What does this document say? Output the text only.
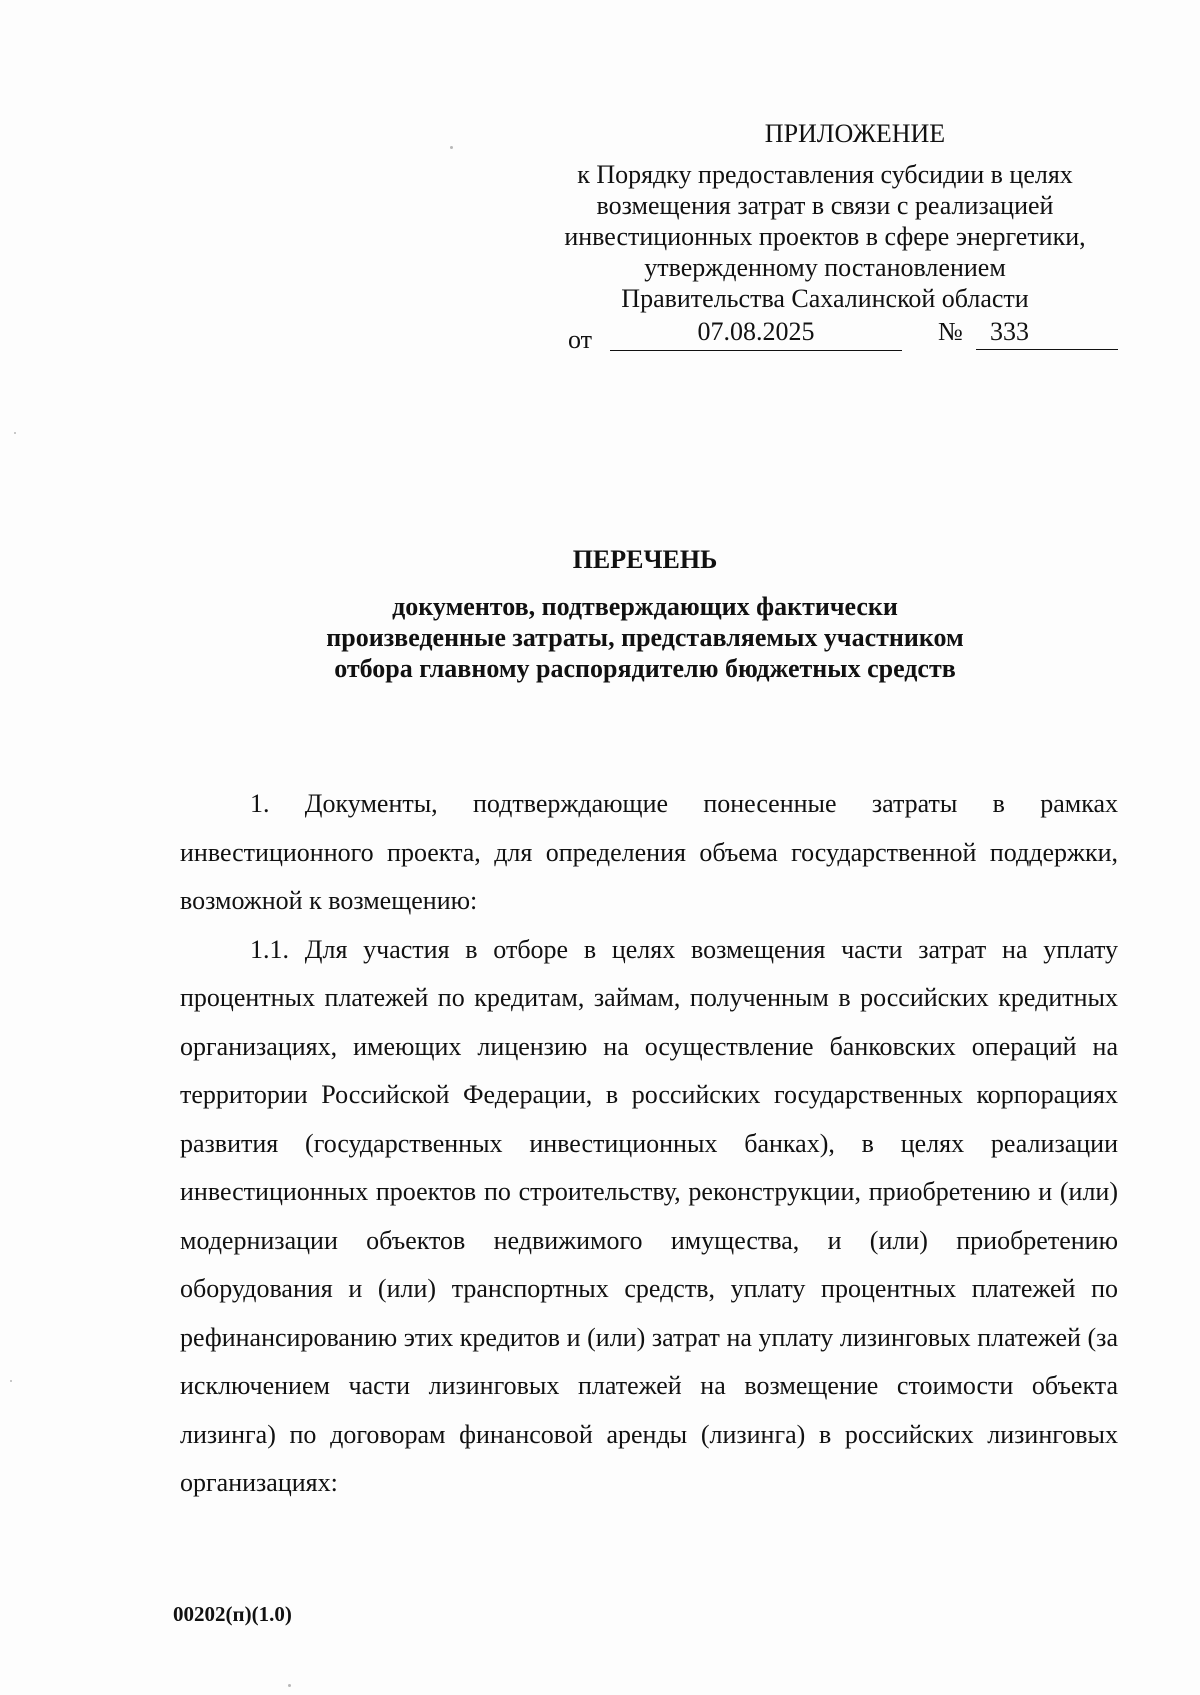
ПРИЛОЖЕНИЕ
к Порядку предоставления субсидии в целях
возмещения затрат в связи с реализацией
инвестиционных проектов в сфере энергетики,
утвержденному постановлением
Правительства Сахалинской области
от	07.08.2025	№	333
ПЕРЕЧЕНЬ
документов, подтверждающих фактически
произведенные затраты, представляемых участником
отбора главному распорядителю бюджетных средств

1. Документы, подтверждающие понесенные затраты в рамках инвестиционного проекта, для определения объема государственной поддержки, возможной к возмещению:

1.1. Для участия в отборе в целях возмещения части затрат на уплату процентных платежей по кредитам, займам, полученным в российских кредитных организациях, имеющих лицензию на осуществление банковских операций на территории Российской Федерации, в российских государственных корпорациях развития (государственных инвестиционных банках), в целях реализации инвестиционных проектов по строительству, реконструкции, приобретению и (или) модернизации объектов недвижимого имущества, и (или) приобретению оборудования и (или) транспортных средств, уплату процентных платежей по рефинансированию этих кредитов и (или) затрат на уплату лизинговых платежей (за исключением части лизинговых платежей на возмещение стоимости объекта лизинга) по договорам финансовой аренды (лизинга) в российских лизинговых организациях:

00202(п)(1.0)
